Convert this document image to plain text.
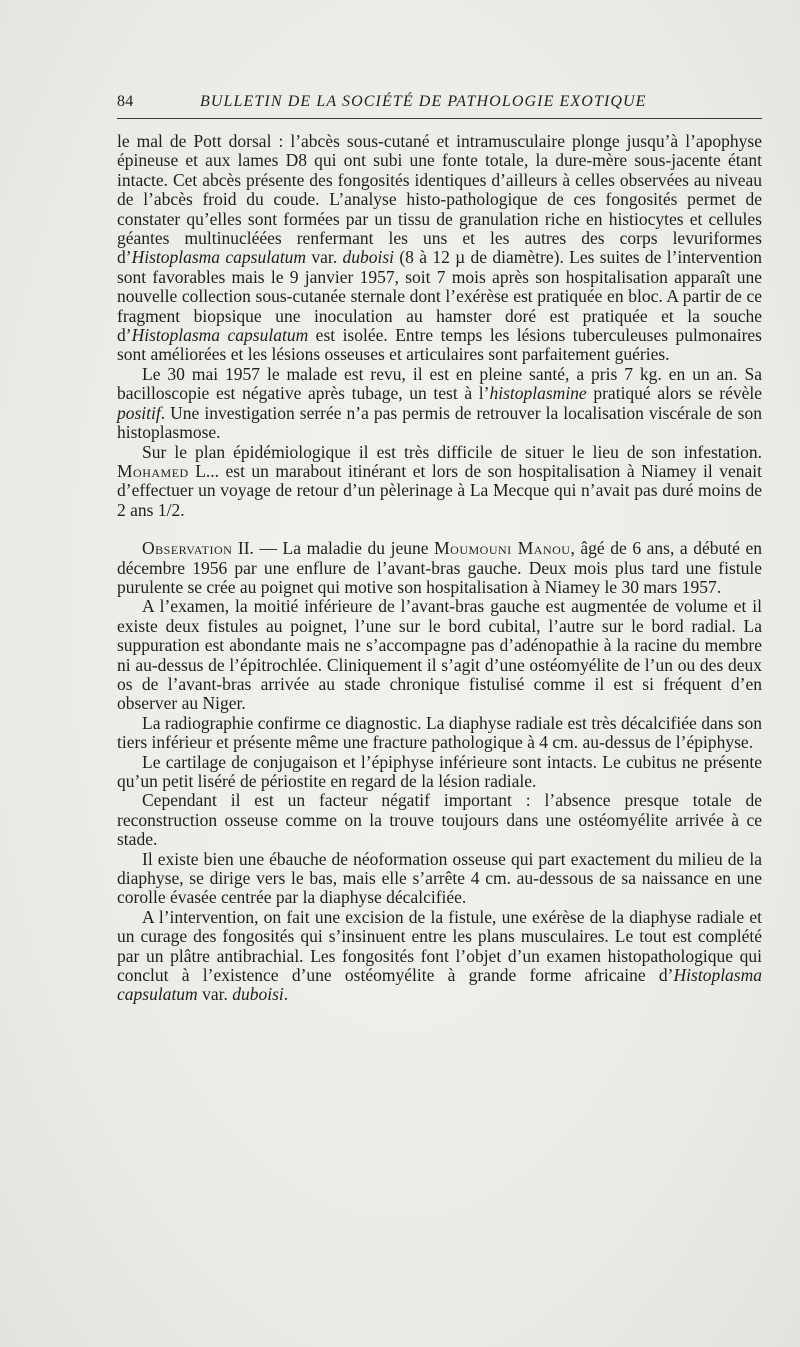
84	BULLETIN DE LA SOCIÉTÉ DE PATHOLOGIE EXOTIQUE

le mal de Pott dorsal : l’abcès sous-cutané et intramusculaire plonge jusqu’à l’apophyse épineuse et aux lames D8 qui ont subi une fonte totale, la dure-mère sous-jacente étant intacte. Cet abcès présente des fongosités identiques d’ailleurs à celles observées au niveau de l’abcès froid du coude. L’analyse histo-pathologique de ces fongosités permet de constater qu’elles sont formées par un tissu de granulation riche en histiocytes et cellules géantes multinucléées renfermant les uns et les autres des corps levuriformes d’Histoplasma capsulatum var. duboisi (8 à 12 µ de diamètre). Les suites de l’intervention sont favorables mais le 9 janvier 1957, soit 7 mois après son hospitalisation apparaît une nouvelle collection sous-cutanée sternale dont l’exérèse est pratiquée en bloc. A partir de ce fragment biopsique une inoculation au hamster doré est pratiquée et la souche d’Histoplasma capsulatum est isolée. Entre temps les lésions tuberculeuses pulmonaires sont améliorées et les lésions osseuses et articulaires sont parfaitement guéries.

Le 30 mai 1957 le malade est revu, il est en pleine santé, a pris 7 kg. en un an. Sa bacilloscopie est négative après tubage, un test à l’histoplasmine pratiqué alors se révèle positif. Une investigation serrée n’a pas permis de retrouver la localisation viscérale de son histoplasmose.

Sur le plan épidémiologique il est très difficile de situer le lieu de son infestation. Mohamed L... est un marabout itinérant et lors de son hospitalisation à Niamey il venait d’effectuer un voyage de retour d’un pèlerinage à La Mecque qui n’avait pas duré moins de 2 ans 1/2.

Observation II. — La maladie du jeune Moumouni Manou, âgé de 6 ans, a débuté en décembre 1956 par une enflure de l’avant-bras gauche. Deux mois plus tard une fistule purulente se crée au poignet qui motive son hospitalisation à Niamey le 30 mars 1957.

A l’examen, la moitié inférieure de l’avant-bras gauche est augmentée de volume et il existe deux fistules au poignet, l’une sur le bord cubital, l’autre sur le bord radial. La suppuration est abondante mais ne s’accompagne pas d’adénopathie à la racine du membre ni au-dessus de l’épitrochlée. Cliniquement il s’agit d’une ostéomyélite de l’un ou des deux os de l’avant-bras arrivée au stade chronique fistulisé comme il est si fréquent d’en observer au Niger.

La radiographie confirme ce diagnostic. La diaphyse radiale est très décalcifiée dans son tiers inférieur et présente même une fracture pathologique à 4 cm. au-dessus de l’épiphyse.

Le cartilage de conjugaison et l’épiphyse inférieure sont intacts. Le cubitus ne présente qu’un petit liséré de périostite en regard de la lésion radiale.

Cependant il est un facteur négatif important : l’absence presque totale de reconstruction osseuse comme on la trouve toujours dans une ostéomyélite arrivée à ce stade.

Il existe bien une ébauche de néoformation osseuse qui part exactement du milieu de la diaphyse, se dirige vers le bas, mais elle s’arrête 4 cm. au-dessous de sa naissance en une corolle évasée centrée par la diaphyse décalcifiée.

A l’intervention, on fait une excision de la fistule, une exérèse de la diaphyse radiale et un curage des fongosités qui s’insinuent entre les plans musculaires. Le tout est complété par un plâtre antibrachial. Les fongosités font l’objet d’un examen histopathologique qui conclut à l’existence d’une ostéomyélite à grande forme africaine d’Histoplasma capsulatum var. duboisi.
